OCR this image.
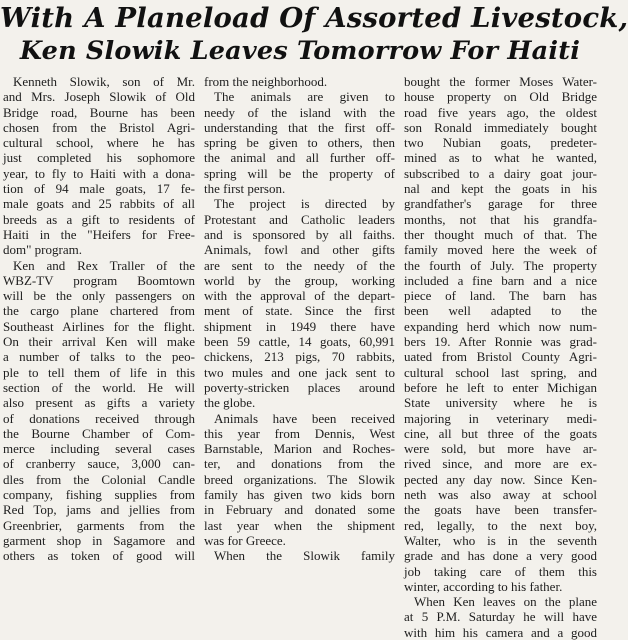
With A Planeload Of Assorted Livestock,
Ken Slowik Leaves Tomorrow For Haiti
Kenneth Slowik, son of Mr.
and Mrs. Joseph Slowik of Old
Bridge road, Bourne has been
chosen from the Bristol Agri-
cultural school, where he has
just completed his sophomore
year, to fly to Haiti with a dona-
tion of 94 male goats, 17 fe-
male goats and 25 rabbits of all
breeds as a gift to residents of
Haiti in the "Heifers for Free-
dom" program.
Ken and Rex Traller of the
WBZ-TV program Boomtown
will be the only passengers on
the cargo plane chartered from
Southeast Airlines for the flight.
On their arrival Ken will make
a number of talks to the peo-
ple to tell them of life in this
section of the world. He will
also present as gifts a variety
of donations received through
the Bourne Chamber of Com-
merce including several cases
of cranberry sauce, 3,000 can-
dles from the Colonial Candle
company, fishing supplies from
Red Top, jams and jellies from
Greenbrier, garments from the
garment shop in Sagamore and
others as token of good will
from the neighborhood.
The animals are given to
needy of the island with the
understanding that the first off-
spring be given to others, then
the animal and all further off-
spring will be the property of
the first person.
The project is directed by
Protestant and Catholic leaders
and is sponsored by all faiths.
Animals, fowl and other gifts
are sent to the needy of the
world by the group, working
with the approval of the depart-
ment of state. Since the first
shipment in 1949 there have
been 59 cattle, 14 goats, 60,991
chickens, 213 pigs, 70 rabbits,
two mules and one jack sent to
poverty-stricken places around
the globe.
Animals have been received
this year from Dennis, West
Barnstable, Marion and Roches-
ter, and donations from the
breed organizations. The Slowik
family has given two kids born
in February and donated some
last year when the shipment
was for Greece.
When the Slowik family
bought the former Moses Water-
house property on Old Bridge
road five years ago, the oldest
son Ronald immediately bought
two Nubian goats, predeter-
mined as to what he wanted,
subscribed to a dairy goat jour-
nal and kept the goats in his
grandfather's garage for three
months, not that his grandfa-
ther thought much of that. The
family moved here the week of
the fourth of July. The property
included a fine barn and a nice
piece of land. The barn has
been well adapted to the
expanding herd which now num-
bers 19. After Ronnie was grad-
uated from Bristol County Agri-
cultural school last spring, and
before he left to enter Michigan
State university where he is
majoring in veterinary medi-
cine, all but three of the goats
were sold, but more have ar-
rived since, and more are ex-
pected any day now. Since Ken-
neth was also away at school
the goats have been transfer-
red, legally, to the next boy,
Walter, who is in the seventh
grade and has done a very good
job taking care of them this
winter, according to his father.
When Ken leaves on the plane
at 5 P.M. Saturday he will have
with him his camera and a good
